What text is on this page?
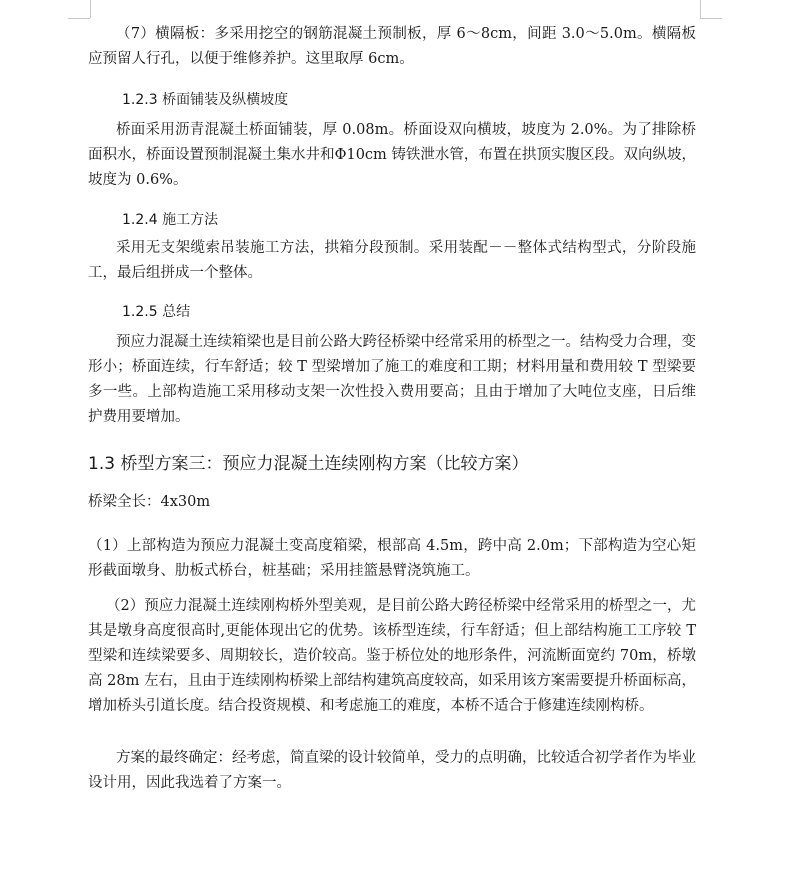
（7）横隔板：多采用挖空的钢筋混凝土预制板，厚 6～8cm，间距 3.0～5.0m。横隔板应预留人行孔，以便于维修养护。这里取厚 6cm。

1.2.3 桥面铺装及纵横坡度

桥面采用沥青混凝土桥面铺装，厚 0.08m。桥面设双向横坡，坡度为 2.0%。为了排除桥面积水，桥面设置预制混凝土集水井和Φ10cm 铸铁泄水管，布置在拱顶实腹区段。双向纵坡，坡度为 0.6%。

1.2.4 施工方法

采用无支架缆索吊装施工方法，拱箱分段预制。采用装配－－整体式结构型式，分阶段施工，最后组拼成一个整体。

1.2.5 总结

预应力混凝土连续箱梁也是目前公路大跨径桥梁中经常采用的桥型之一。结构受力合理，变形小；桥面连续，行车舒适；较 T 型梁增加了施工的难度和工期；材料用量和费用较 T 型梁要多一些。上部构造施工采用移动支架一次性投入费用要高；且由于增加了大吨位支座，日后维护费用要增加。

1.3 桥型方案三：预应力混凝土连续刚构方案（比较方案）

桥梁全长：4x30m

（1）上部构造为预应力混凝土变高度箱梁，根部高 4.5m，跨中高 2.0m；下部构造为空心矩形截面墩身、肋板式桥台，桩基础；采用挂篮悬臂浇筑施工。

（2）预应力混凝土连续刚构桥外型美观，是目前公路大跨径桥梁中经常采用的桥型之一，尤其是墩身高度很高时,更能体现出它的优势。该桥型连续，行车舒适；但上部结构施工工序较 T 型梁和连续梁要多、周期较长，造价较高。鉴于桥位处的地形条件，河流断面宽约 70m，桥墩高 28m 左右，且由于连续刚构桥梁上部结构建筑高度较高，如采用该方案需要提升桥面标高，增加桥头引道长度。结合投资规模、和考虑施工的难度，本桥不适合于修建连续刚构桥。

方案的最终确定：经考虑，简直梁的设计较简单，受力的点明确，比较适合初学者作为毕业设计用，因此我选着了方案一。
